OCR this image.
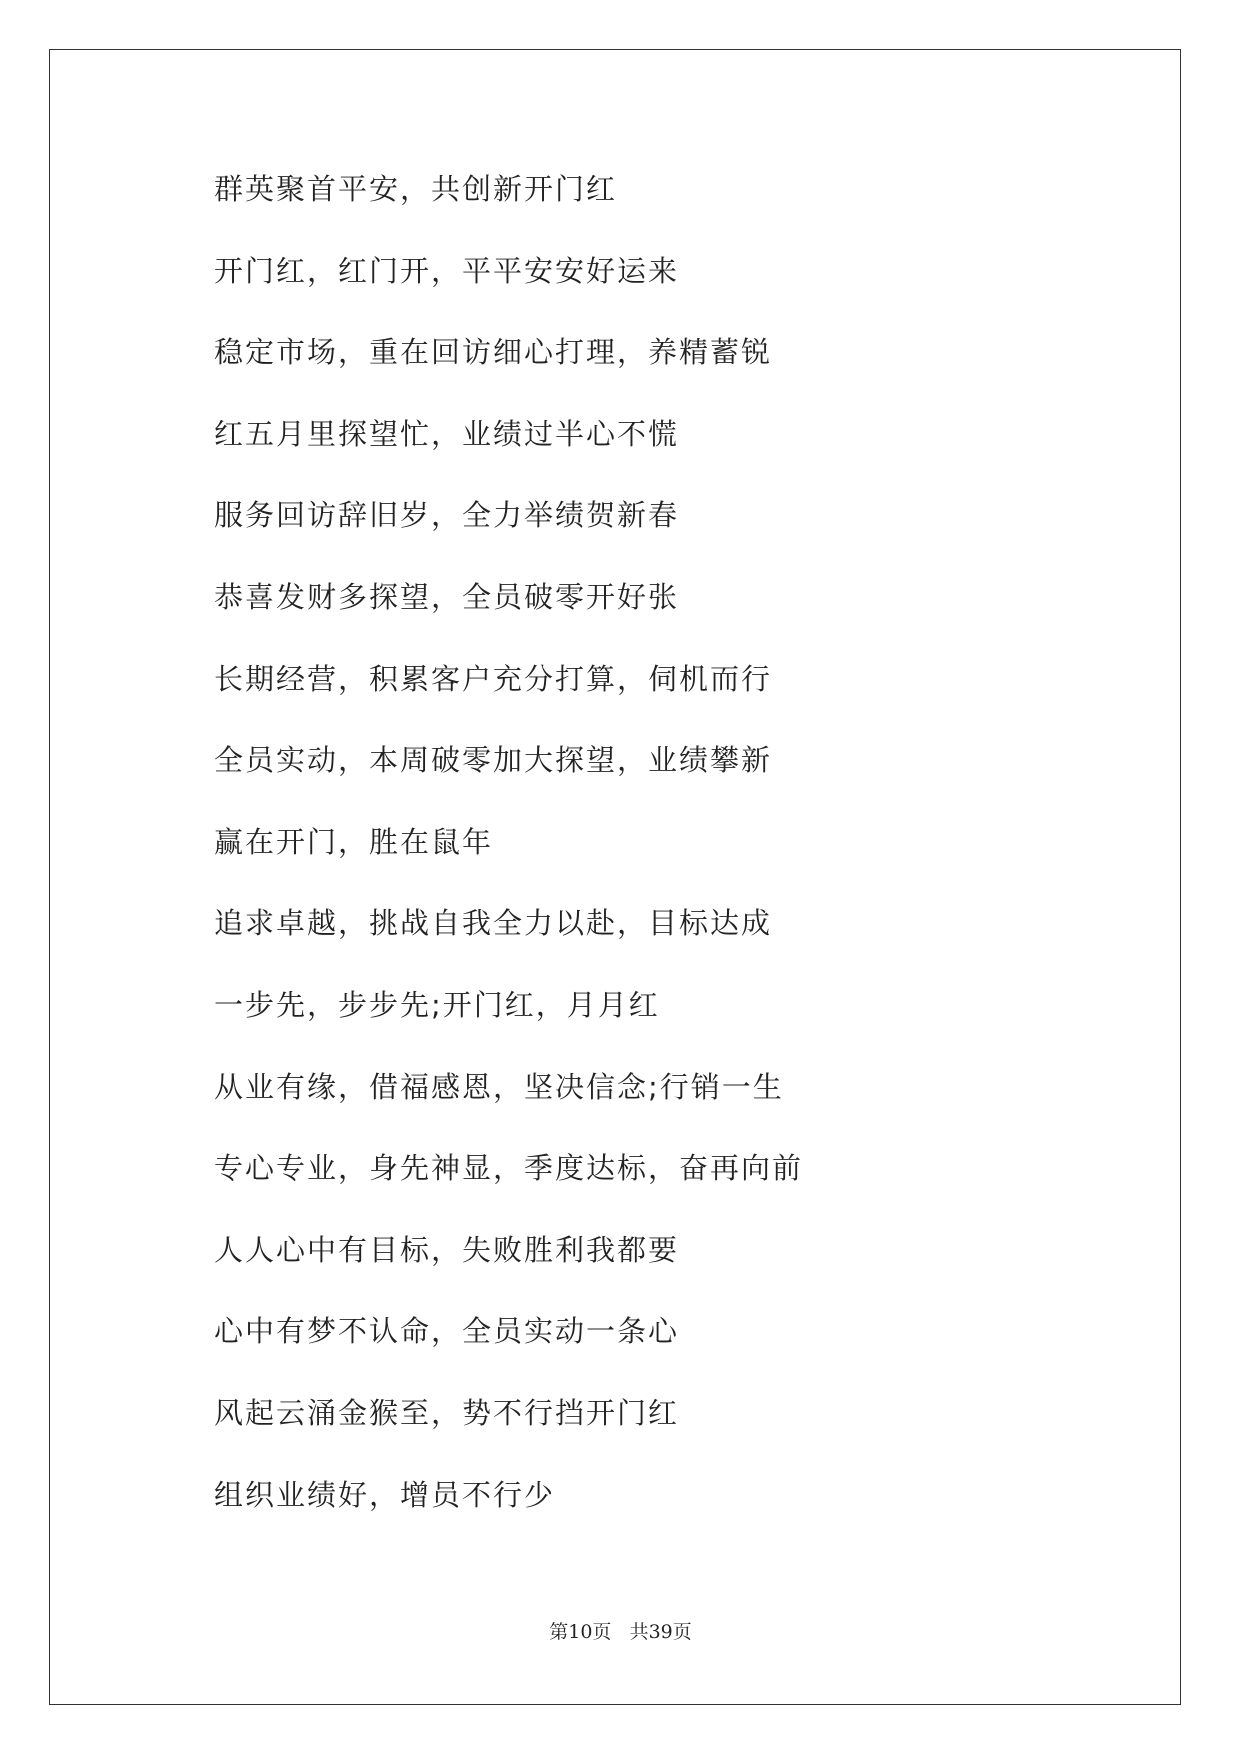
群英聚首平安，共创新开门红

开门红，红门开，平平安安好运来

稳定市场，重在回访细心打理，养精蓄锐

红五月里探望忙，业绩过半心不慌

服务回访辞旧岁，全力举绩贺新春

恭喜发财多探望，全员破零开好张

长期经营，积累客户充分打算，伺机而行

全员实动，本周破零加大探望，业绩攀新

赢在开门，胜在鼠年

追求卓越，挑战自我全力以赴，目标达成

一步先，步步先;开门红，月月红

从业有缘，借福感恩，坚决信念;行销一生

专心专业，身先神显，季度达标，奋再向前

人人心中有目标，失败胜利我都要

心中有梦不认命，全员实动一条心

风起云涌金猴至，势不行挡开门红

组织业绩好，增员不行少

第10页 共39页
